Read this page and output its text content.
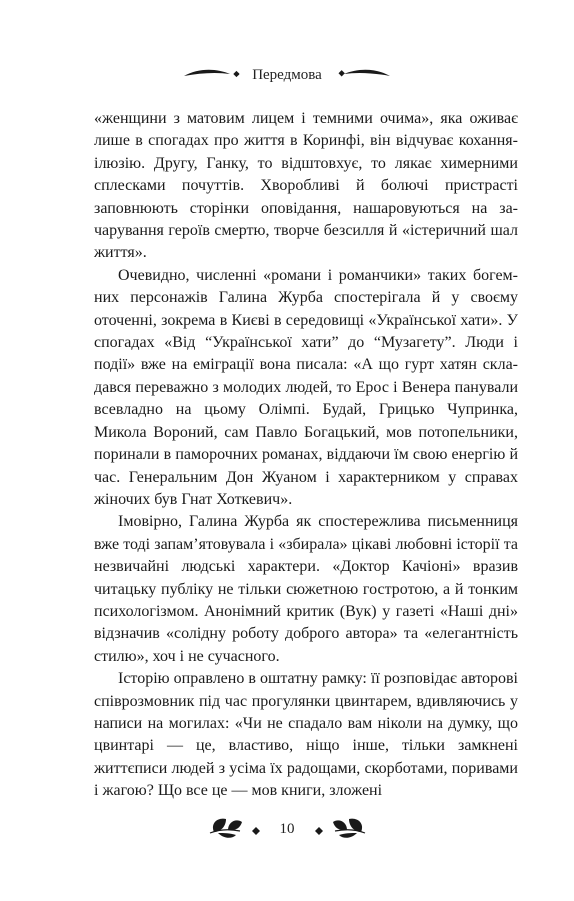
Передмова

«женщини з матовим лицем і темними очима», яка оживає лише в спогадах про життя в Коринфі, він відчуває кохання-ілюзію. Другу, Ганку, то відштовхує, то лякає химерними сплесками почуттів. Хворобливі й болючі пристрасті заповнюють сторінки оповідання, нашаровуються на зачарування героїв смертю, творче безсилля й «істеричний шал життя».

Очевидно, численні «романи і романчики» таких богемних персонажів Галина Журба спостерігала й у своєму оточенні, зокрема в Києві в середовищі «Української хати». У спогадах «Від “Української хати” до “Музагету”. Люди і події» вже на еміграції вона писала: «А що гурт хатян складався переважно з молодих людей, то Ерос і Венера панували всевладно на цьому Олімпі. Будай, Грицько Чупринка, Микола Вороний, сам Павло Богацький, мов потопельники, поринали в паморочних романах, віддаючи їм свою енергію й час. Генеральним Дон Жуаном і характерником у справах жіночих був Гнат Хоткевич».

Імовірно, Галина Журба як спостережлива письменниця вже тоді запам’ятовувала і «збирала» цікаві любовні історії та незвичайні людські характери. «Доктор Качіоні» вразив читацьку публіку не тільки сюжетною гостротою, а й тонким психологізмом. Анонімний критик (Вук) у газеті «Наші дні» відзначив «солідну роботу доброго автора» та «елегантність стилю», хоч і не сучасного.

Історію оправлено в оштатну рамку: її розповідає авторові співрозмовник під час прогулянки цвинтарем, вдивляючись у написи на могилах: «Чи не спадало вам ніколи на думку, що цвинтарі — це, властиво, ніщо інше, тільки замкнені життєписи людей з усіма їх радощами, скорботами, поривами і жагою? Що все це — мов книги, зложені

10
